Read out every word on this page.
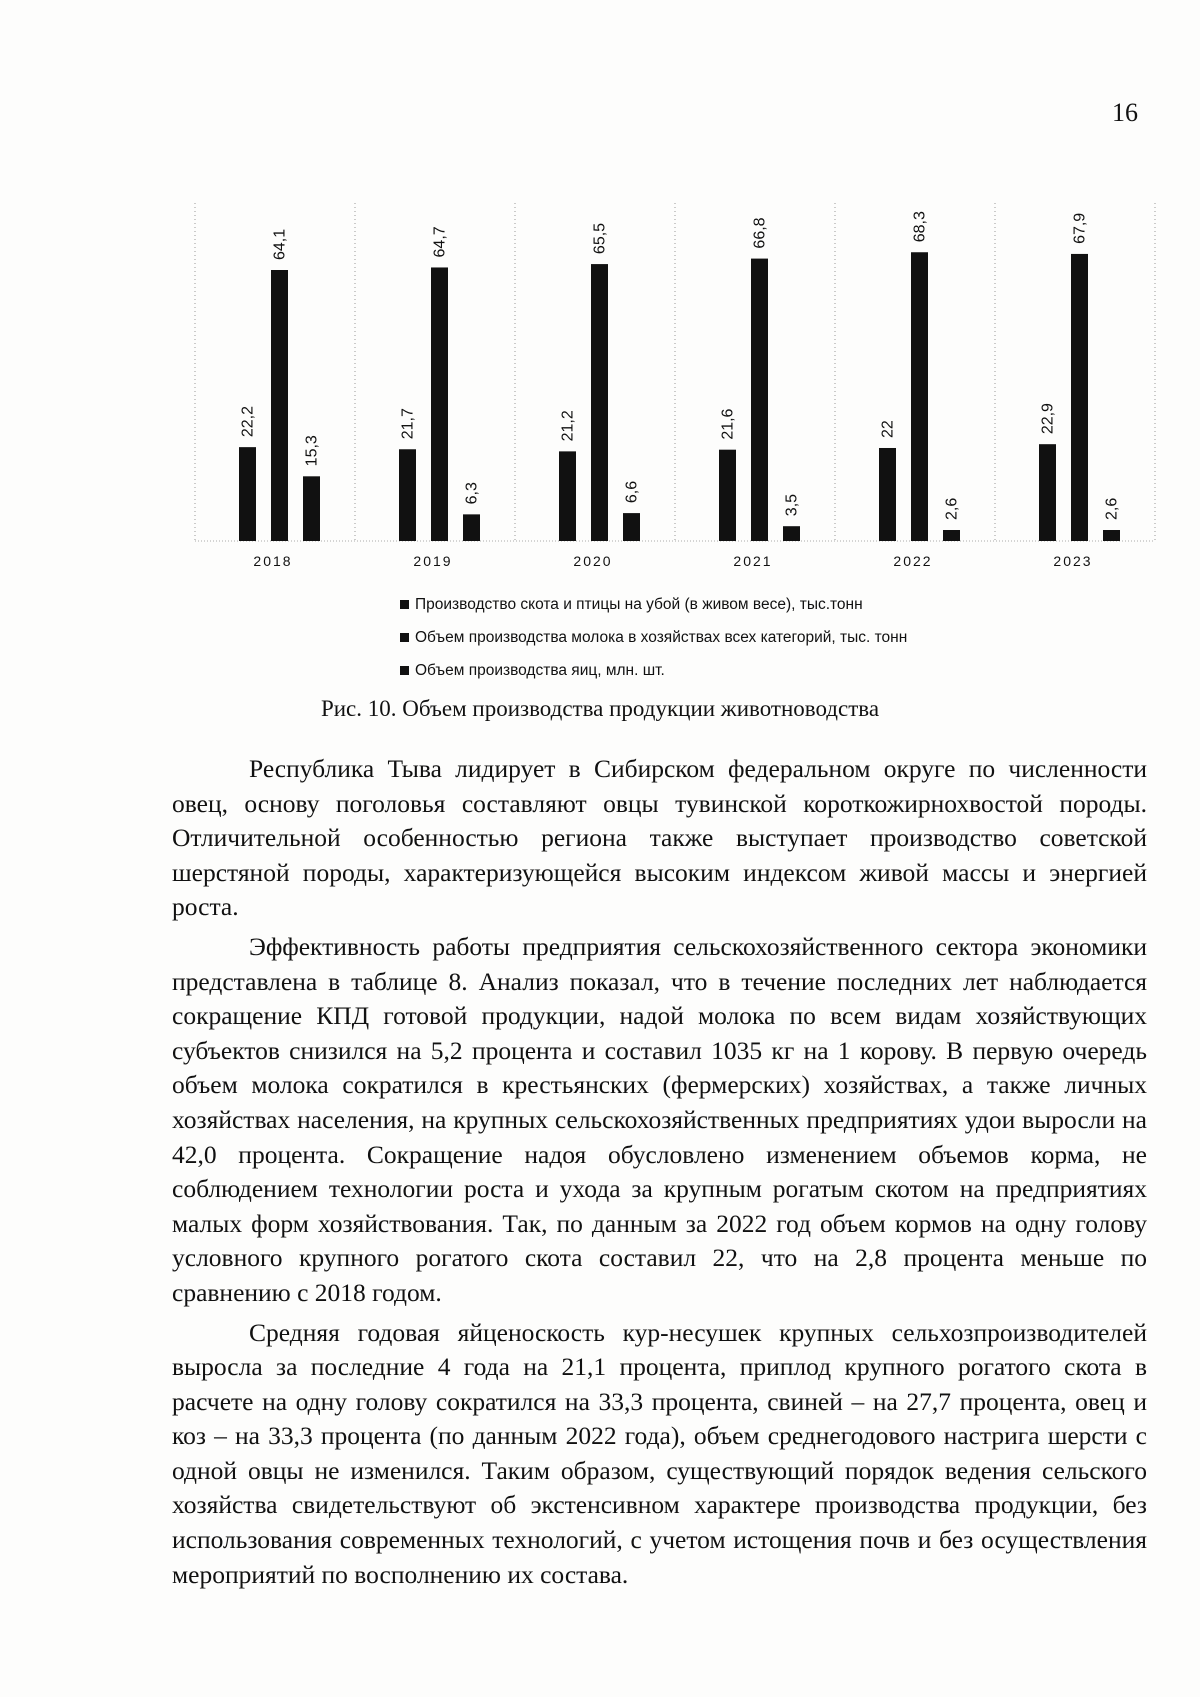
16
22,2
64,1
15,3
2018
21,7
64,7
6,3
2019
21,2
65,5
6,6
2020
21,6
66,8
3,5
2021
22
68,3
2,6
2022
22,9
67,9
2,6
2023
Производство скота и птицы на убой (в живом весе), тыс.тонн
Объем производства молока в хозяйствах всех категорий, тыс. тонн
Объем производства яиц, млн. шт.
Рис. 10. Объем производства продукции животноводства

Республика Тыва лидирует в Сибирском федеральном округе по численности овец, основу поголовья составляют овцы тувинской короткожирнохвостой породы. Отличительной особенностью региона также выступает производство советской шерстяной породы, характеризующейся высоким индексом живой массы и энергией роста.

Эффективность работы предприятия сельскохозяйственного сектора экономики представлена в таблице 8. Анализ показал, что в течение последних лет наблюдается сокращение КПД готовой продукции, надой молока по всем видам хозяйствующих субъектов снизился на 5,2 процента и составил 1035 кг на 1 корову. В первую очередь объем молока сократился в крестьянских (фермерских) хозяйствах, а также личных хозяйствах населения, на крупных сельскохозяйственных предприятиях удои выросли на 42,0 процента. Сокращение надоя обусловлено изменением объемов корма, не соблюдением технологии роста и ухода за крупным рогатым скотом на предприятиях малых форм хозяйствования. Так, по данным за 2022 год объем кормов на одну голову условного крупного рогатого скота составил 22, что на 2,8 процента меньше по сравнению с 2018 годом.

Средняя годовая яйценоскость кур-несушек крупных сельхозпроизводителей выросла за последние 4 года на 21,1 процента, приплод крупного рогатого скота в расчете на одну голову сократился на 33,3 процента, свиней – на 27,7 процента, овец и коз – на 33,3 процента (по данным 2022 года), объем среднегодового настрига шерсти с одной овцы не изменился. Таким образом, существующий порядок ведения сельского хозяйства свидетельствуют об экстенсивном характере производства продукции, без использования современных технологий, с учетом истощения почв и без осуществления мероприятий по восполнению их состава.
